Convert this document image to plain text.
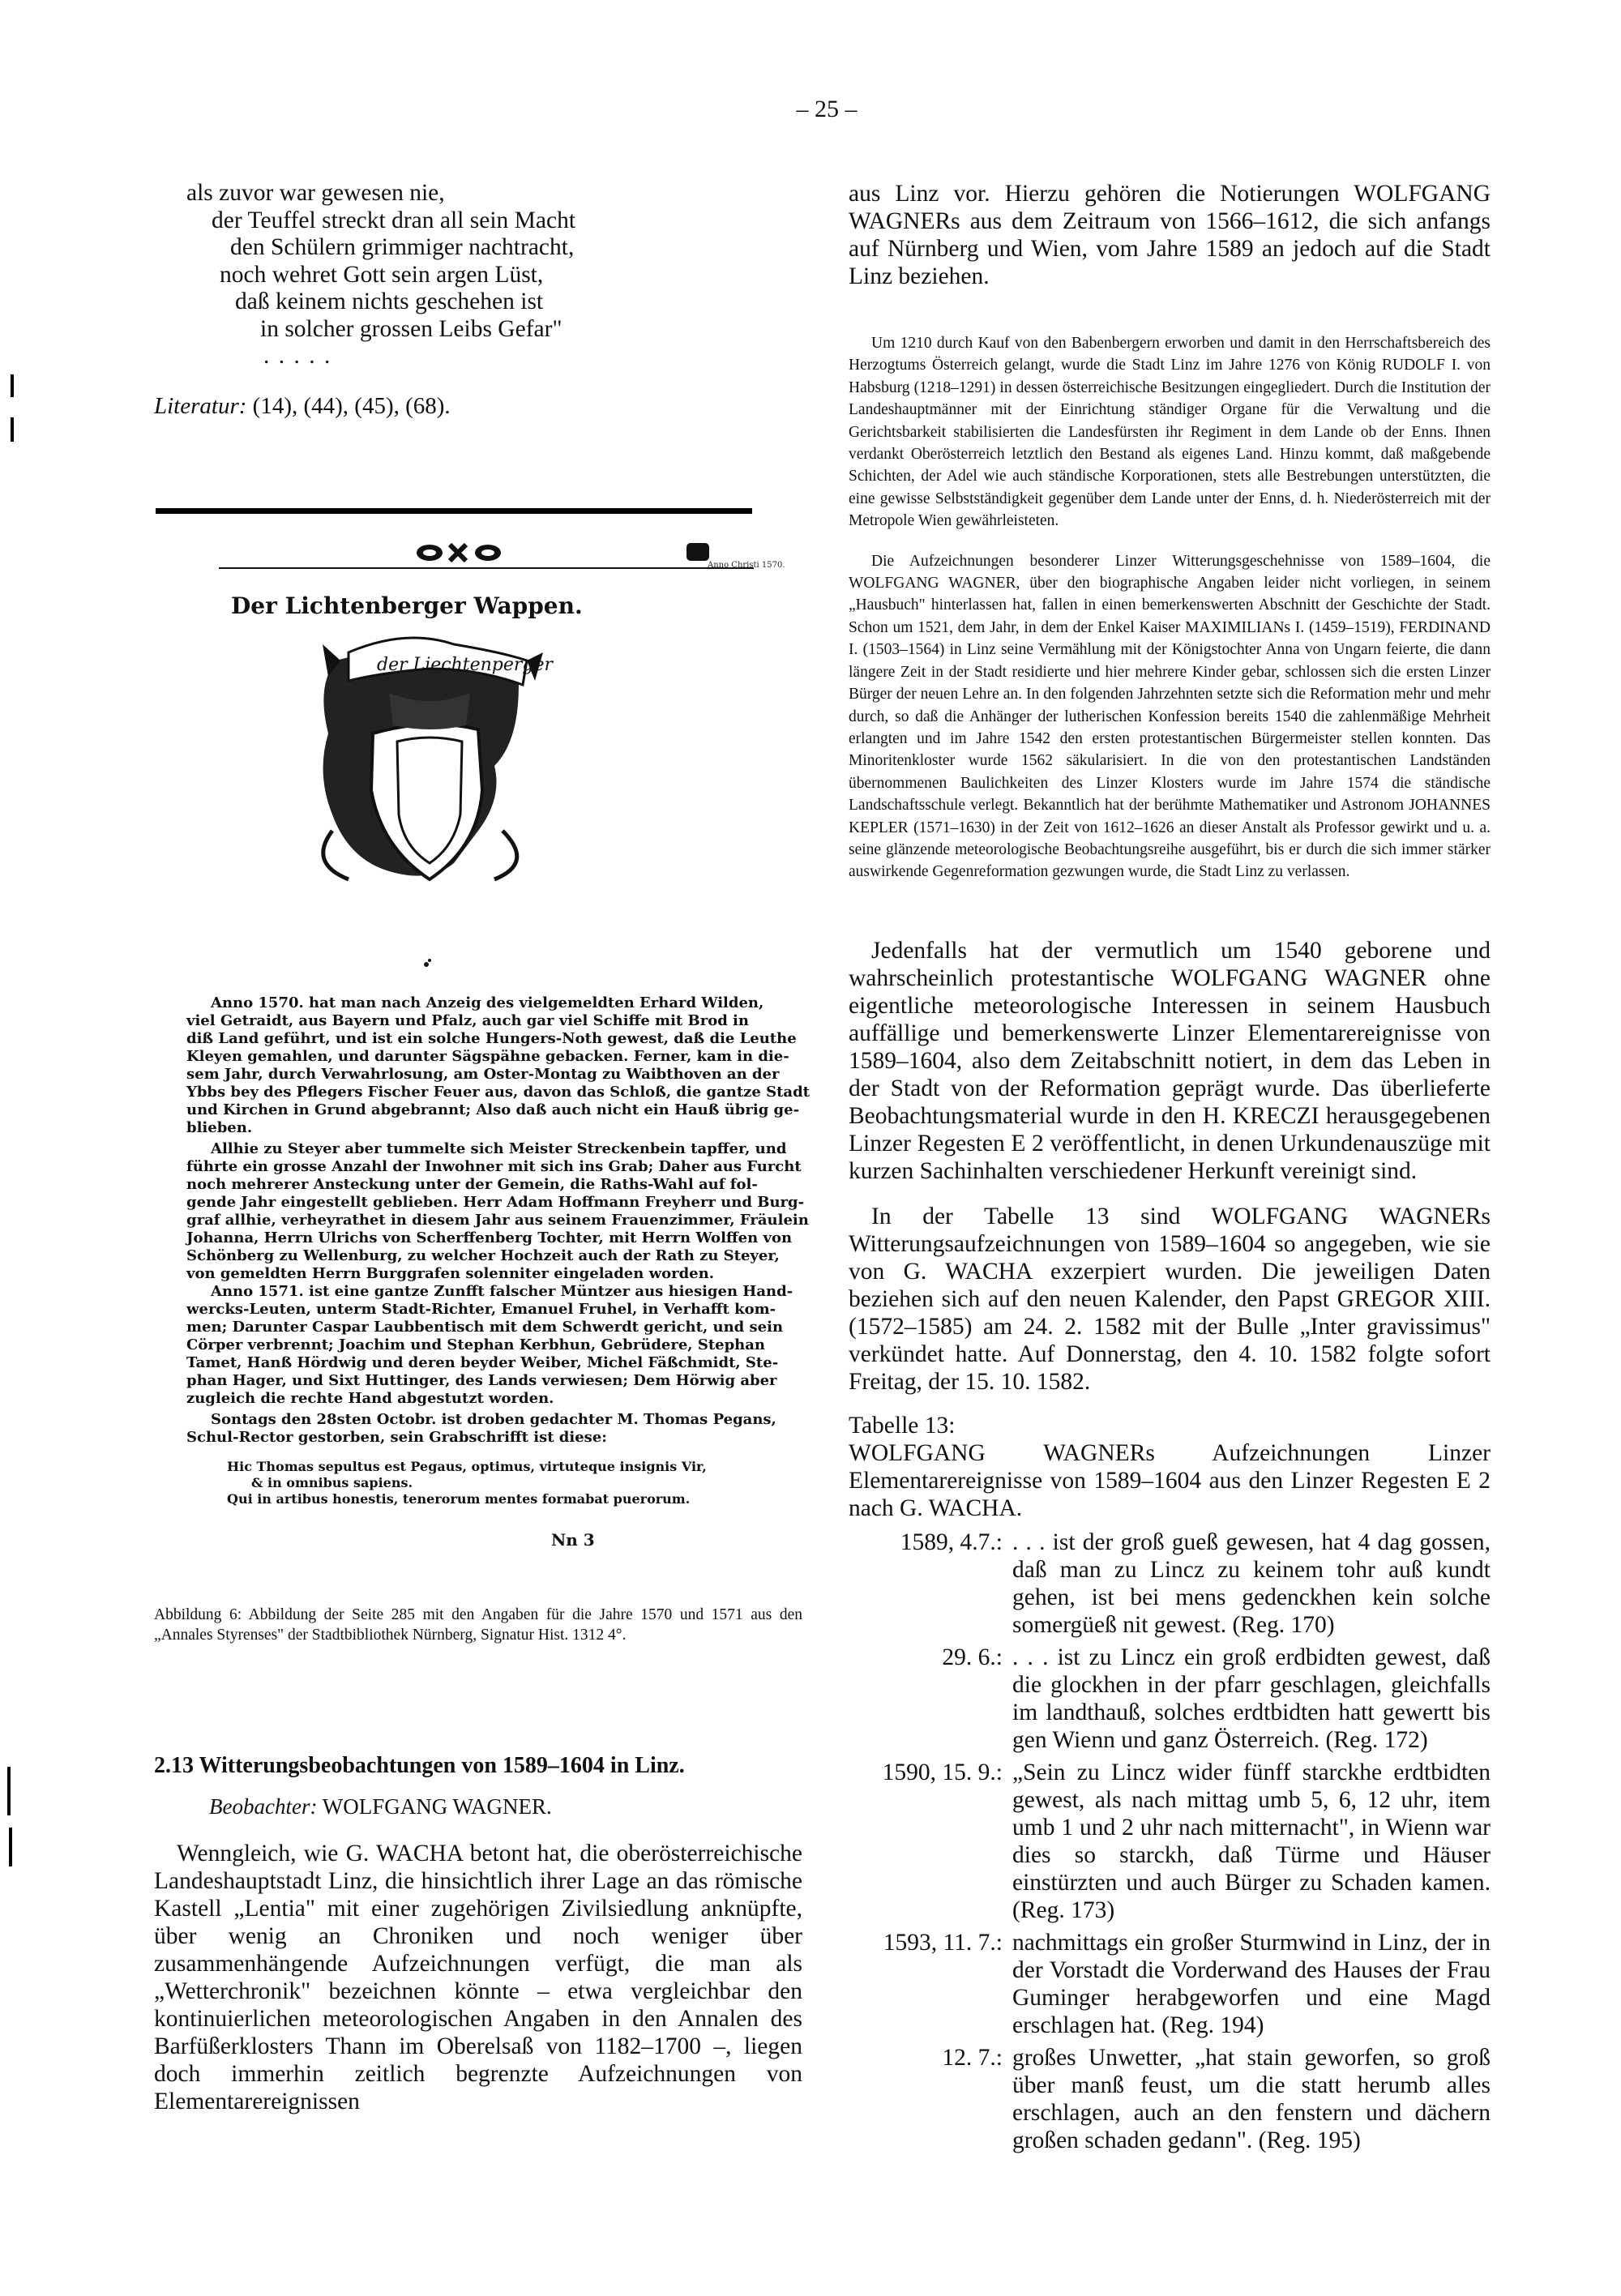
– 25 –
als zuvor war gewesen nie,
der Teuffel streckt dran all sein Macht
den Schülern grimmiger nachtracht,
noch wehret Gott sein argen Lüst,
daß keinem nichts geschehen ist
in solcher grossen Leibs Gefar"
. . . . .
Literatur: (14), (44), (45), (68).
Anno Christi 1570.
Der Lichtenberger Wappen.
der Liechtenperger
Anno 1570. hat man nach Anzeig des vielgemeldten Erhard Wilden,
viel Getraidt, aus Bayern und Pfalz, auch gar viel Schiffe mit Brod in
diß Land geführt, und ist ein solche Hungers-Noth gewest, daß die Leuthe
Kleyen gemahlen, und darunter Sägspähne gebacken. Ferner, kam in die-
sem Jahr, durch Verwahrlosung, am Oster-Montag zu Waibthoven an der
Ybbs bey des Pflegers Fischer Feuer aus, davon das Schloß, die gantze Stadt
und Kirchen in Grund abgebrannt; Also daß auch nicht ein Hauß übrig ge-
blieben.
Allhie zu Steyer aber tummelte sich Meister Streckenbein tapffer, und
führte ein grosse Anzahl der Inwohner mit sich ins Grab; Daher aus Furcht
noch mehrerer Ansteckung unter der Gemein, die Raths-Wahl auf fol-
gende Jahr eingestellt geblieben. Herr Adam Hoffmann Freyherr und Burg-
graf allhie, verheyrathet in diesem Jahr aus seinem Frauenzimmer, Fräulein
Johanna, Herrn Ulrichs von Scherffenberg Tochter, mit Herrn Wolffen von
Schönberg zu Wellenburg, zu welcher Hochzeit auch der Rath zu Steyer,
von gemeldten Herrn Burggrafen solenniter eingeladen worden.
Anno 1571. ist eine gantze Zunfft falscher Müntzer aus hiesigen Hand-
wercks-Leuten, unterm Stadt-Richter, Emanuel Fruhel, in Verhafft kom-
men; Darunter Caspar Laubbentisch mit dem Schwerdt gericht, und sein
Cörper verbrennt; Joachim und Stephan Kerbhun, Gebrüdere, Stephan
Tamet, Hanß Hördwig und deren beyder Weiber, Michel Fäßchmidt, Ste-
phan Hager, und Sixt Huttinger, des Lands verwiesen; Dem Hörwig aber
zugleich die rechte Hand abgestutzt worden.
Sontags den 28sten Octobr. ist droben gedachter M. Thomas Pegans,
Schul-Rector gestorben, sein Grabschrifft ist diese:
Hic Thomas sepultus est Pegaus, optimus, virtuteque insignis Vir,
& in omnibus sapiens.
Qui in artibus honestis, tenerorum mentes formabat puerorum.
Nn 3
Abbildung 6: Abbildung der Seite 285 mit den Angaben für die Jahre 1570 und 1571 aus den „Annales Styrenses" der Stadtbibliothek Nürnberg, Signatur Hist. 1312 4°.
2.13 Witterungsbeobachtungen von 1589–1604 in Linz.
Beobachter: WOLFGANG WAGNER.

Wenngleich, wie G. WACHA betont hat, die oberösterreichische Landeshauptstadt Linz, die hinsichtlich ihrer Lage an das römische Kastell „Lentia" mit einer zugehörigen Zivilsiedlung anknüpfte, über wenig an Chroniken und noch weniger über zusammenhängende Aufzeichnungen verfügt, die man als „Wetterchronik" bezeichnen könnte – etwa vergleichbar den kontinuierlichen meteorologischen Angaben in den Annalen des Barfüßerklosters Thann im Oberelsaß von 1182–1700 –, liegen doch immerhin zeitlich begrenzte Aufzeichnungen von Elementarereignissen

aus Linz vor. Hierzu gehören die Notierungen WOLFGANG WAGNERs aus dem Zeitraum von 1566–1612, die sich anfangs auf Nürnberg und Wien, vom Jahre 1589 an jedoch auf die Stadt Linz beziehen.

Um 1210 durch Kauf von den Babenbergern erworben und damit in den Herrschaftsbereich des Herzogtums Österreich gelangt, wurde die Stadt Linz im Jahre 1276 von König RUDOLF I. von Habsburg (1218–1291) in dessen österreichische Besitzungen eingegliedert. Durch die Institution der Landeshauptmänner mit der Einrichtung ständiger Organe für die Verwaltung und die Gerichtsbarkeit stabilisierten die Landesfürsten ihr Regiment in dem Lande ob der Enns. Ihnen verdankt Oberösterreich letztlich den Bestand als eigenes Land. Hinzu kommt, daß maßgebende Schichten, der Adel wie auch ständische Korporationen, stets alle Bestrebungen unterstützten, die eine gewisse Selbstständigkeit gegenüber dem Lande unter der Enns, d. h. Niederösterreich mit der Metropole Wien gewährleisteten.

Die Aufzeichnungen besonderer Linzer Witterungsgeschehnisse von 1589–1604, die WOLFGANG WAGNER, über den biographische Angaben leider nicht vorliegen, in seinem „Hausbuch" hinterlassen hat, fallen in einen bemerkenswerten Abschnitt der Geschichte der Stadt. Schon um 1521, dem Jahr, in dem der Enkel Kaiser MAXIMILIANs I. (1459–1519), FERDINAND I. (1503–1564) in Linz seine Vermählung mit der Königstochter Anna von Ungarn feierte, die dann längere Zeit in der Stadt residierte und hier mehrere Kinder gebar, schlossen sich die ersten Linzer Bürger der neuen Lehre an. In den folgenden Jahrzehnten setzte sich die Reformation mehr und mehr durch, so daß die Anhänger der lutherischen Konfession bereits 1540 die zahlenmäßige Mehrheit erlangten und im Jahre 1542 den ersten protestantischen Bürgermeister stellen konnten. Das Minoritenkloster wurde 1562 säkularisiert. In die von den protestantischen Landständen übernommenen Baulichkeiten des Linzer Klosters wurde im Jahre 1574 die ständische Landschaftsschule verlegt. Bekanntlich hat der berühmte Mathematiker und Astronom JOHANNES KEPLER (1571–1630) in der Zeit von 1612–1626 an dieser Anstalt als Professor gewirkt und u. a. seine glänzende meteorologische Beobachtungsreihe ausgeführt, bis er durch die sich immer stärker auswirkende Gegenreformation gezwungen wurde, die Stadt Linz zu verlassen.

Jedenfalls hat der vermutlich um 1540 geborene und wahrscheinlich protestantische WOLFGANG WAGNER ohne eigentliche meteorologische Interessen in seinem Hausbuch auffällige und bemerkenswerte Linzer Elementarereignisse von 1589–1604, also dem Zeitabschnitt notiert, in dem das Leben in der Stadt von der Reformation geprägt wurde. Das überlieferte Beobachtungsmaterial wurde in den H. KRECZI herausgegebenen Linzer Regesten E 2 veröffentlicht, in denen Urkundenauszüge mit kurzen Sachinhalten verschiedener Herkunft vereinigt sind.

In der Tabelle 13 sind WOLFGANG WAGNERs Witterungsaufzeichnungen von 1589–1604 so angegeben, wie sie von G. WACHA exzerpiert wurden. Die jeweiligen Daten beziehen sich auf den neuen Kalender, den Papst GREGOR XIII. (1572–1585) am 24. 2. 1582 mit der Bulle „Inter gravissimus" verkündet hatte. Auf Donnerstag, den 4. 10. 1582 folgte sofort Freitag, der 15. 10. 1582.

Tabelle 13:

WOLFGANG WAGNERs Aufzeichnungen Linzer Elementarereignisse von 1589–1604 aus den Linzer Regesten E 2 nach G. WACHA.

1589, 4.7.:	. . . ist der groß gueß gewesen, hat 4 dag gossen, daß man zu Lincz zu keinem tohr auß kundt gehen, ist bei mens gedenckhen kein solche somergüeß nit gewest. (Reg. 170)
29. 6.:	. . . ist zu Lincz ein groß erdbidten gewest, daß die glockhen in der pfarr geschlagen, gleichfalls im landthauß, solches erdtbidten hatt gewertt bis gen Wienn und ganz Österreich. (Reg. 172)
1590, 15. 9.:	„Sein zu Lincz wider fünff starckhe erdtbidten gewest, als nach mittag umb 5, 6, 12 uhr, item umb 1 und 2 uhr nach mitternacht", in Wienn war dies so starckh, daß Türme und Häuser einstürzten und auch Bürger zu Schaden kamen. (Reg. 173)
1593, 11. 7.:	nachmittags ein großer Sturmwind in Linz, der in der Vorstadt die Vorderwand des Hauses der Frau Guminger herabgeworfen und eine Magd erschlagen hat. (Reg. 194)
12. 7.:	großes Unwetter, „hat stain geworfen, so groß über manß feust, um die statt herumb alles erschlagen, auch an den fenstern und dächern großen schaden gedann". (Reg. 195)
